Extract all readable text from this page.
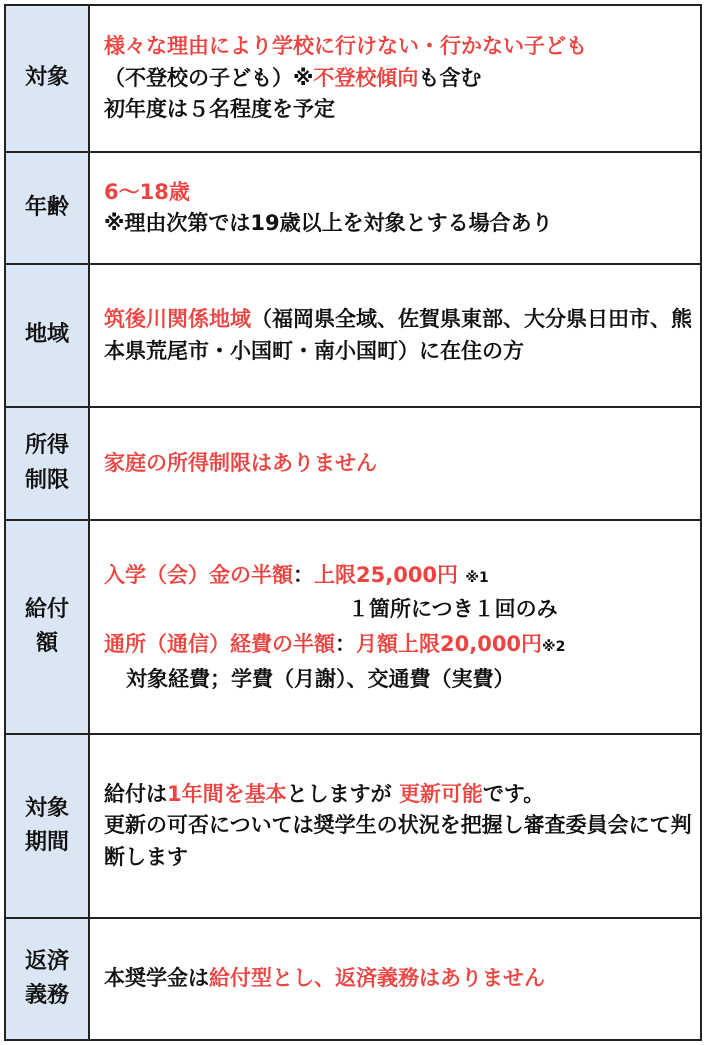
対象
様々な理由により学校に行けない・行かない子ども
（不登校の子ども）※不登校傾向も含む
初年度は５名程度を予定
年齢
6〜18歳
※理由次第では19歳以上を対象とする場合あり
地域
筑後川関係地域（福岡県全域、佐賀県東部、大分県日田市、熊本県荒尾市・小国町・南小国町）に在住の方
所得
制限
家庭の所得制限はありません
給付
額
入学（会）金の半額：上限25,000円 ※1
１箇所につき１回のみ
通所（通信）経費の半額：月額上限20,000円※2
対象経費；学費（月謝）、交通費（実費）
対象
期間
給付は1年間を基本としますが 更新可能です。
更新の可否については奨学生の状況を把握し審査委員会にて判断します
返済
義務
本奨学金は給付型とし、返済義務はありません
